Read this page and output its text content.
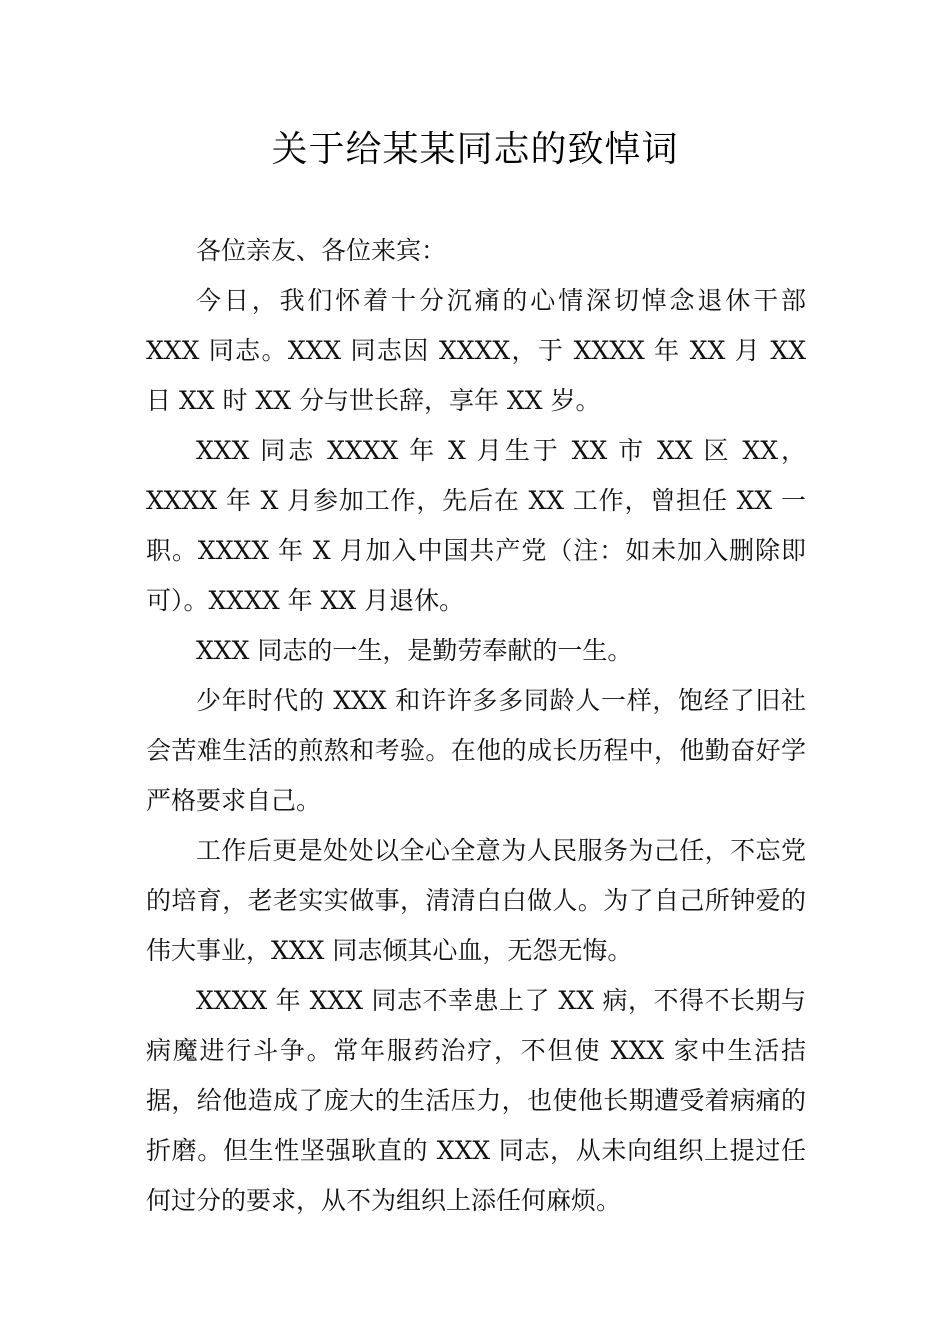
关于给某某同志的致悼词

各位亲友、各位来宾：

今日，我们怀着十分沉痛的心情深切悼念退休干部 XXX 同志。XXX 同志因 XXXX，于 XXXX 年 XX 月 XX 日 XX 时 XX 分与世长辞，享年 XX 岁。

XXX 同志 XXXX 年 X 月生于 XX 市 XX 区 XX，XXXX 年 X 月参加工作，先后在 XX 工作，曾担任 XX 一职。XXXX 年 X 月加入中国共产党（注：如未加入删除即可）。XXXX 年 XX 月退休。

XXX 同志的一生，是勤劳奉献的一生。

少年时代的 XXX 和许许多多同龄人一样，饱经了旧社会苦难生活的煎熬和考验。在他的成长历程中，他勤奋好学严格要求自己。

工作后更是处处以全心全意为人民服务为己任，不忘党的培育，老老实实做事，清清白白做人。为了自己所钟爱的伟大事业，XXX 同志倾其心血，无怨无悔。

XXXX 年 XXX 同志不幸患上了 XX 病，不得不长期与病魔进行斗争。常年服药治疗，不但使 XXX 家中生活拮据，给他造成了庞大的生活压力，也使他长期遭受着病痛的折磨。但生性坚强耿直的 XXX 同志，从未向组织上提过任何过分的要求，从不为组织上添任何麻烦。
